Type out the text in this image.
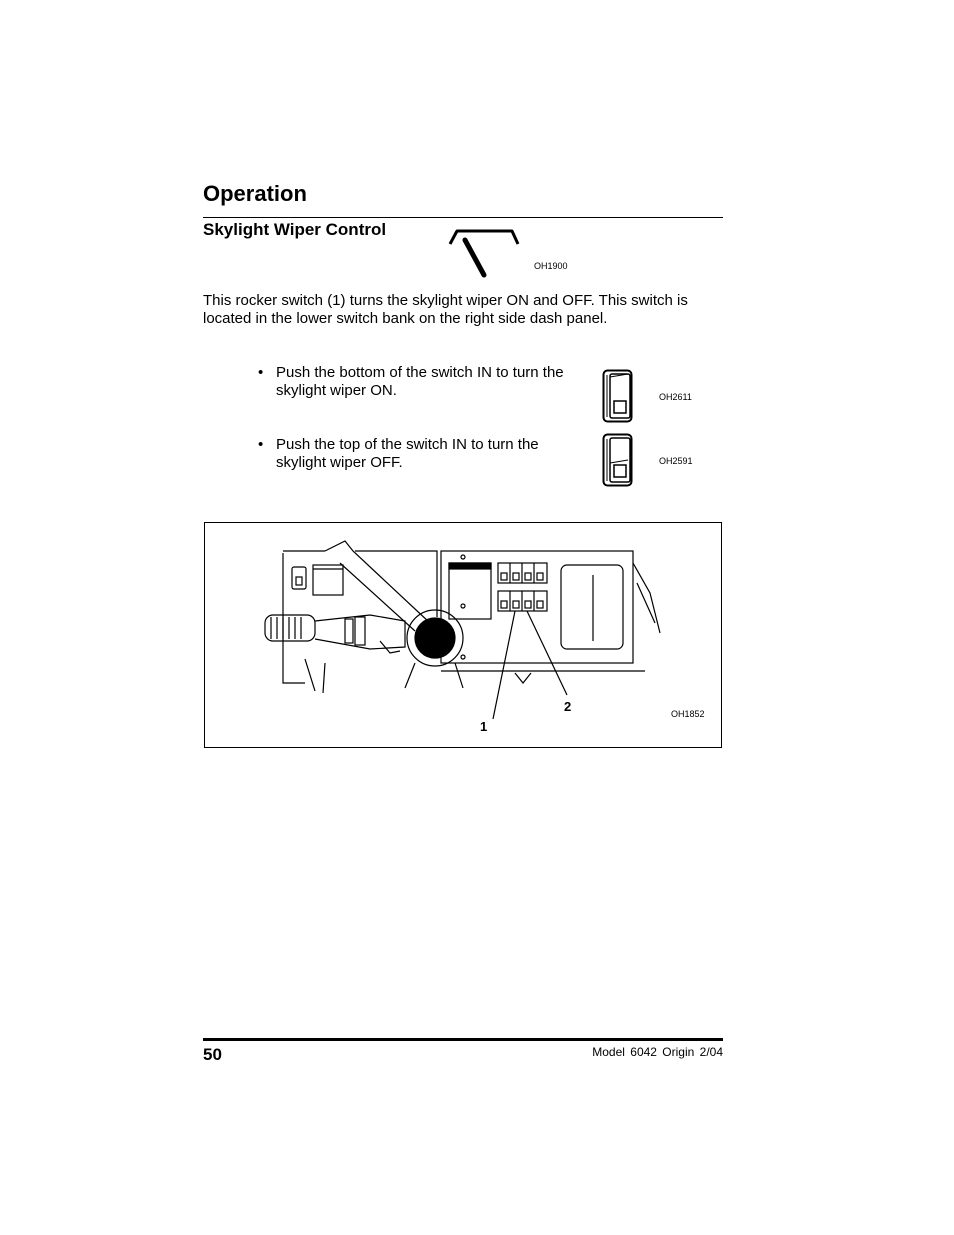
Operation
Skylight Wiper Control
OH1900

This rocker switch (1) turns the skylight wiper ON and OFF. This switch is located in the lower switch bank on the right side dash panel.

• Push the bottom of the switch IN to turn the skylight wiper ON.	OH2611
• Push the top of the switch IN to turn the skylight wiper OFF.	OH2591
1
2	OH1852
50	Model 6042 Origin 2/04
